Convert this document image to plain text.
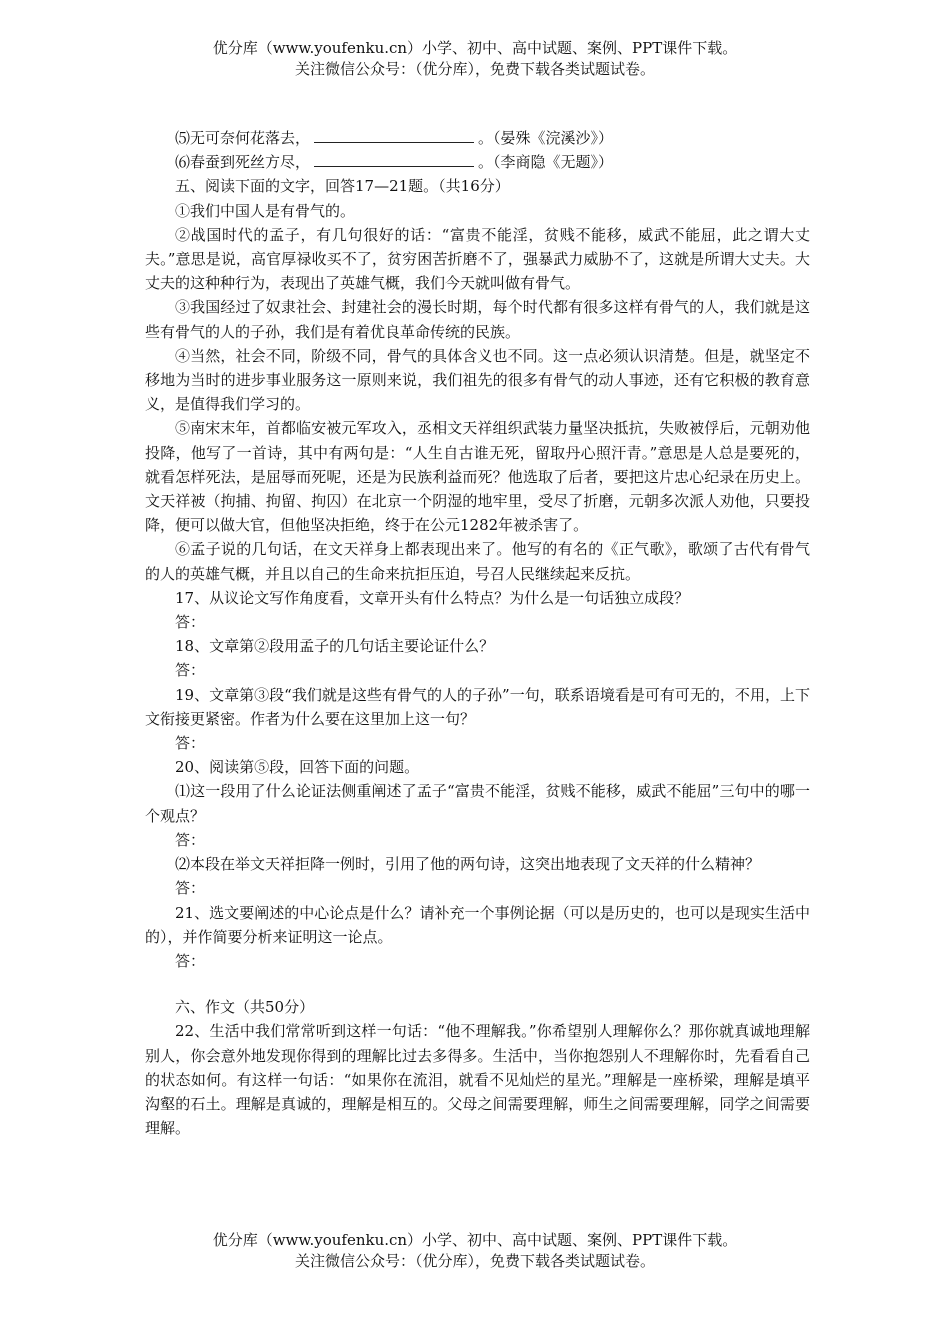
优分库（www.youfenku.cn）小学、初中、高中试题、案例、PPT课件下载。
关注微信公众号：（优分库），免费下载各类试题试卷。

⑸无可奈何花落去，	。（晏殊《浣溪沙》）

⑹春蚕到死丝方尽，	。（李商隐《无题》）

五、阅读下面的文字，回答17—21题。（共16分）

①我们中国人是有骨气的。

②战国时代的孟子，有几句很好的话：“富贵不能淫，贫贱不能移，威武不能屈，此之谓大丈夫。”意思是说，高官厚禄收买不了，贫穷困苦折磨不了，强暴武力威胁不了，这就是所谓大丈夫。大丈夫的这种种行为，表现出了英雄气概，我们今天就叫做有骨气。

③我国经过了奴隶社会、封建社会的漫长时期，每个时代都有很多这样有骨气的人，我们就是这些有骨气的人的子孙，我们是有着优良革命传统的民族。

④当然，社会不同，阶级不同，骨气的具体含义也不同。这一点必须认识清楚。但是，就坚定不移地为当时的进步事业服务这一原则来说，我们祖先的很多有骨气的动人事迹，还有它积极的教育意义，是值得我们学习的。

⑤南宋末年，首都临安被元军攻入，丞相文天祥组织武装力量坚决抵抗，失败被俘后，元朝劝他投降，他写了一首诗，其中有两句是：“人生自古谁无死，留取丹心照汗青。”意思是人总是要死的，就看怎样死法，是屈辱而死呢，还是为民族利益而死？他选取了后者，要把这片忠心纪录在历史上。文天祥被（拘捕、拘留、拘囚）在北京一个阴湿的地牢里，受尽了折磨，元朝多次派人劝他，只要投降，便可以做大官，但他坚决拒绝，终于在公元1282年被杀害了。

⑥孟子说的几句话，在文天祥身上都表现出来了。他写的有名的《正气歌》，歌颂了古代有骨气的人的英雄气概，并且以自己的生命来抗拒压迫，号召人民继续起来反抗。

17、从议论文写作角度看，文章开头有什么特点？为什么是一句话独立成段？

答：

18、文章第②段用孟子的几句话主要论证什么？

答：

19、文章第③段“我们就是这些有骨气的人的子孙”一句，联系语境看是可有可无的，不用，上下文衔接更紧密。作者为什么要在这里加上这一句？

答：

20、阅读第⑤段，回答下面的问题。

⑴这一段用了什么论证法侧重阐述了孟子“富贵不能淫，贫贱不能移，威武不能屈”三句中的哪一个观点？

答：

⑵本段在举文天祥拒降一例时，引用了他的两句诗，这突出地表现了文天祥的什么精神？

答：

21、选文要阐述的中心论点是什么？请补充一个事例论据（可以是历史的，也可以是现实生活中的），并作简要分析来证明这一论点。

答：

六、作文（共50分）

22、生活中我们常常听到这样一句话：“他不理解我。”你希望别人理解你么？那你就真诚地理解别人，你会意外地发现你得到的理解比过去多得多。生活中，当你抱怨别人不理解你时，先看看自己的状态如何。有这样一句话：“如果你在流泪，就看不见灿烂的星光。”理解是一座桥梁，理解是填平沟壑的石土。理解是真诚的，理解是相互的。父母之间需要理解，师生之间需要理解，同学之间需要理解。

优分库（www.youfenku.cn）小学、初中、高中试题、案例、PPT课件下载。
关注微信公众号：（优分库），免费下载各类试题试卷。
